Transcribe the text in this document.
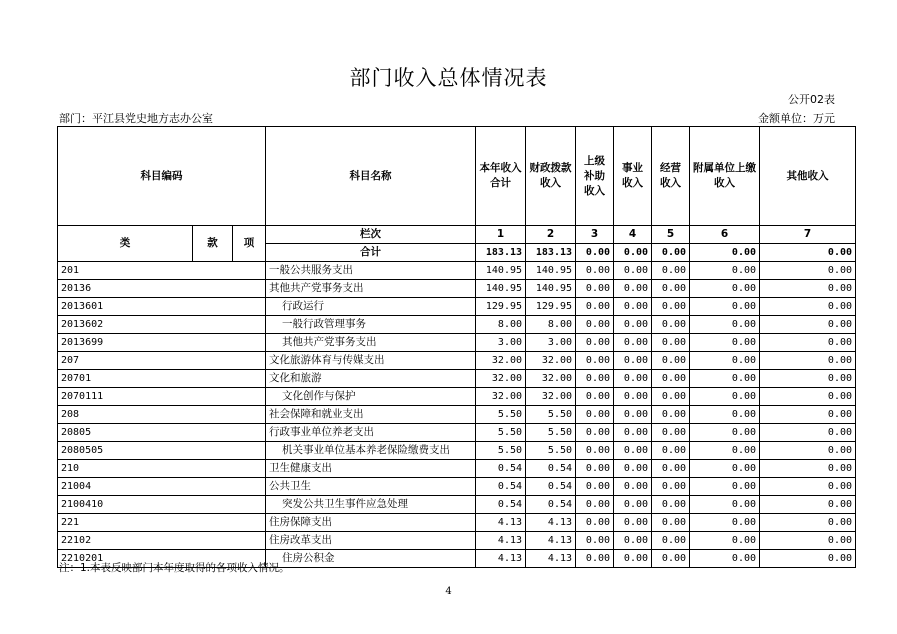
部门收入总体情况表
公开02表
部门：平江县党史地方志办公室	金额单位：万元
科目编码			科目名称	本年收入合计	财政拨款收入	上级补助收入	事业收入	经营收入	附属单位上缴收入	其他收入
类	款	项	栏次	1	2	3	4	5	6	7
			合计	183.13	183.13	0.00	0.00	0.00	0.00	0.00
201			一般公共服务支出	140.95	140.95	0.00	0.00	0.00	0.00	0.00
20136			其他共产党事务支出	140.95	140.95	0.00	0.00	0.00	0.00	0.00
2013601			行政运行	129.95	129.95	0.00	0.00	0.00	0.00	0.00
2013602			一般行政管理事务	8.00	8.00	0.00	0.00	0.00	0.00	0.00
2013699			其他共产党事务支出	3.00	3.00	0.00	0.00	0.00	0.00	0.00
207			文化旅游体育与传媒支出	32.00	32.00	0.00	0.00	0.00	0.00	0.00
20701			文化和旅游	32.00	32.00	0.00	0.00	0.00	0.00	0.00
2070111			文化创作与保护	32.00	32.00	0.00	0.00	0.00	0.00	0.00
208			社会保障和就业支出	5.50	5.50	0.00	0.00	0.00	0.00	0.00
20805			行政事业单位养老支出	5.50	5.50	0.00	0.00	0.00	0.00	0.00
2080505			机关事业单位基本养老保险缴费支出	5.50	5.50	0.00	0.00	0.00	0.00	0.00
210			卫生健康支出	0.54	0.54	0.00	0.00	0.00	0.00	0.00
21004			公共卫生	0.54	0.54	0.00	0.00	0.00	0.00	0.00
2100410			突发公共卫生事件应急处理	0.54	0.54	0.00	0.00	0.00	0.00	0.00
221			住房保障支出	4.13	4.13	0.00	0.00	0.00	0.00	0.00
22102			住房改革支出	4.13	4.13	0.00	0.00	0.00	0.00	0.00
2210201			住房公积金	4.13	4.13	0.00	0.00	0.00	0.00	0.00
注：1.本表反映部门本年度取得的各项收入情况。
4
